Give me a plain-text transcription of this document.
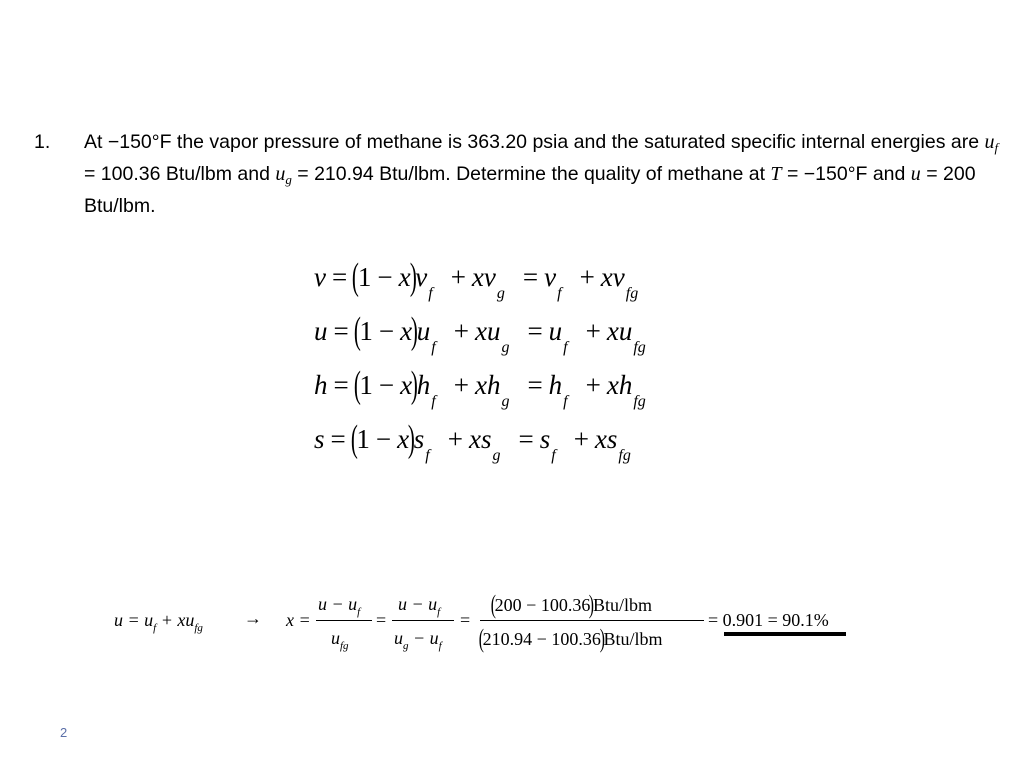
1. At −150°F the vapor pressure of methane is 363.20 psia and the saturated specific internal energies are $u_f = 100.36$ Btu/lbm and $u_g = 210.94$ Btu/lbm. Determine the quality of methane at T = −150°F and u = 200 Btu/lbm.
v = (1 − x)vf+ xvg= vf+ xvfg
u = (1 − x)uf+ xug= uf+ xufg
h = (1 − x)hf+ xhg= hf+ xhfg
s = (1 − x)sf+ xsg= sf+ xsfg
$u = u_f + xu_{fg} \to x$ =
$u - u_f$
$u_{fg}$
=
$u - u_f$
$u_g - u_f$
=
(200 − 100.36)Btu/lbm
(210.94 − 100.36)Btu/lbm
= 0.901 = 90.1%
2
